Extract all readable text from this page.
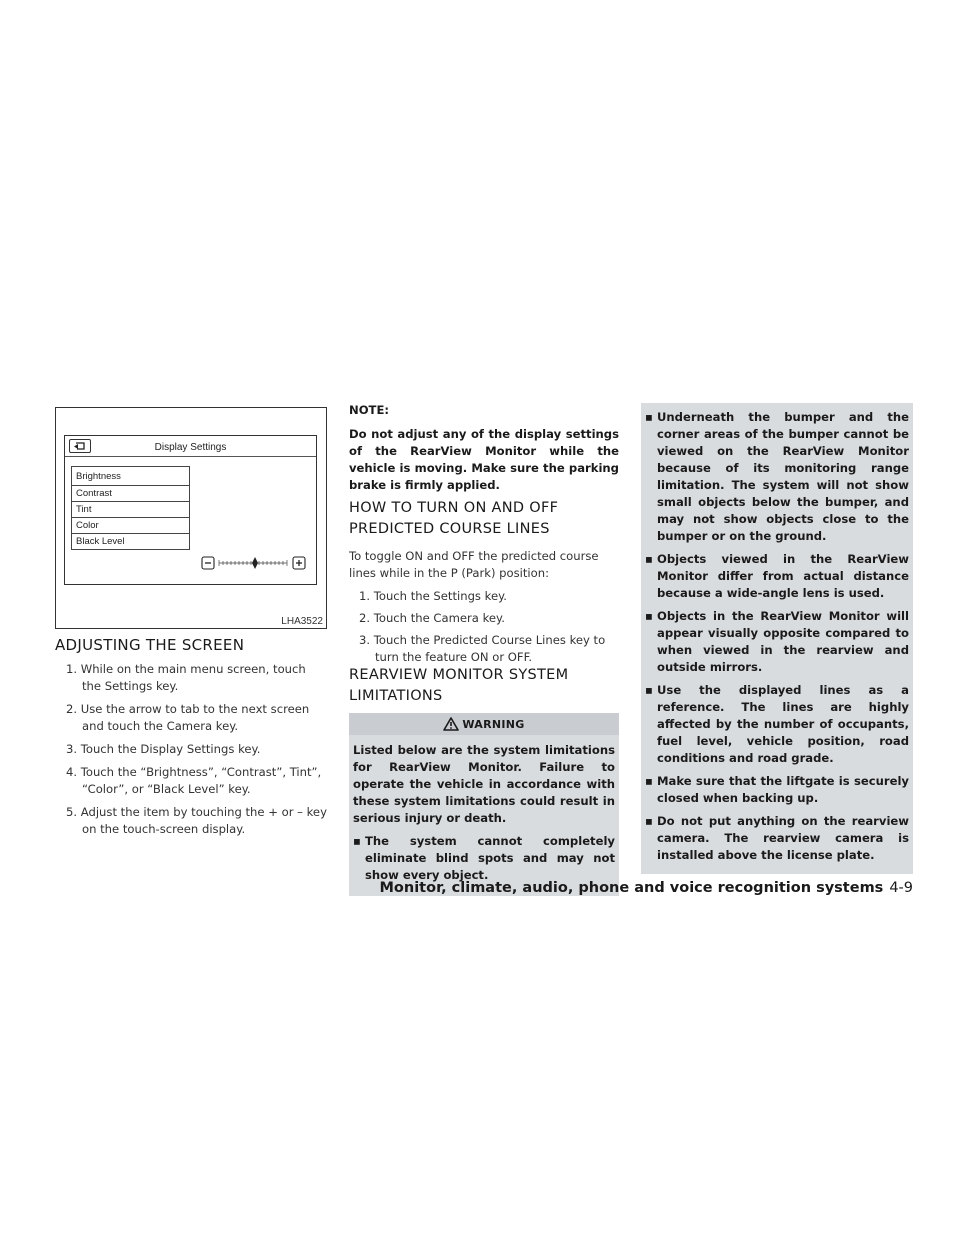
Display Settings
Brightness
Contrast
Tint
Color
Black Level
LHA3522
ADJUSTING THE SCREEN
1. While on the main menu screen, touch the Settings key.
2. Use the arrow to tab to the next screen and touch the Camera key.
3. Touch the Display Settings key.
4. Touch the “Brightness”, “Contrast”, Tint”, “Color”, or “Black Level” key.
5. Adjust the item by touching the + or – key on the touch-screen display.

NOTE:

Do not adjust any of the display settings of the RearView Monitor while the vehicle is moving. Make sure the parking brake is firmly applied.

HOW TO TURN ON AND OFF
PREDICTED COURSE LINES

To toggle ON and OFF the predicted course lines while in the P (Park) position:

1. Touch the Settings key.
2. Touch the Camera key.
3. Touch the Predicted Course Lines key to turn the feature ON or OFF.
REARVIEW MONITOR SYSTEM
LIMITATIONS
WARNING

Listed below are the system limitations for RearView Monitor. Failure to operate the vehicle in accordance with these system limitations could result in serious injury or death.

▪ The system cannot completely eliminate blind spots and may not show every object.
▪ Underneath the bumper and the corner areas of the bumper cannot be viewed on the RearView Monitor because of its monitoring range limitation. The system will not show small objects below the bumper, and may not show objects close to the bumper or on the ground.
▪ Objects viewed in the RearView Monitor differ from actual distance because a wide-angle lens is used.
▪ Objects in the RearView Monitor will appear visually opposite compared to when viewed in the rearview and outside mirrors.
▪ Use the displayed lines as a reference. The lines are highly affected by the number of occupants, fuel level, vehicle position, road conditions and road grade.
▪ Make sure that the liftgate is securely closed when backing up.
▪ Do not put anything on the rearview camera. The rearview camera is installed above the license plate.
Monitor, climate, audio, phone and voice recognition systems 4-9
